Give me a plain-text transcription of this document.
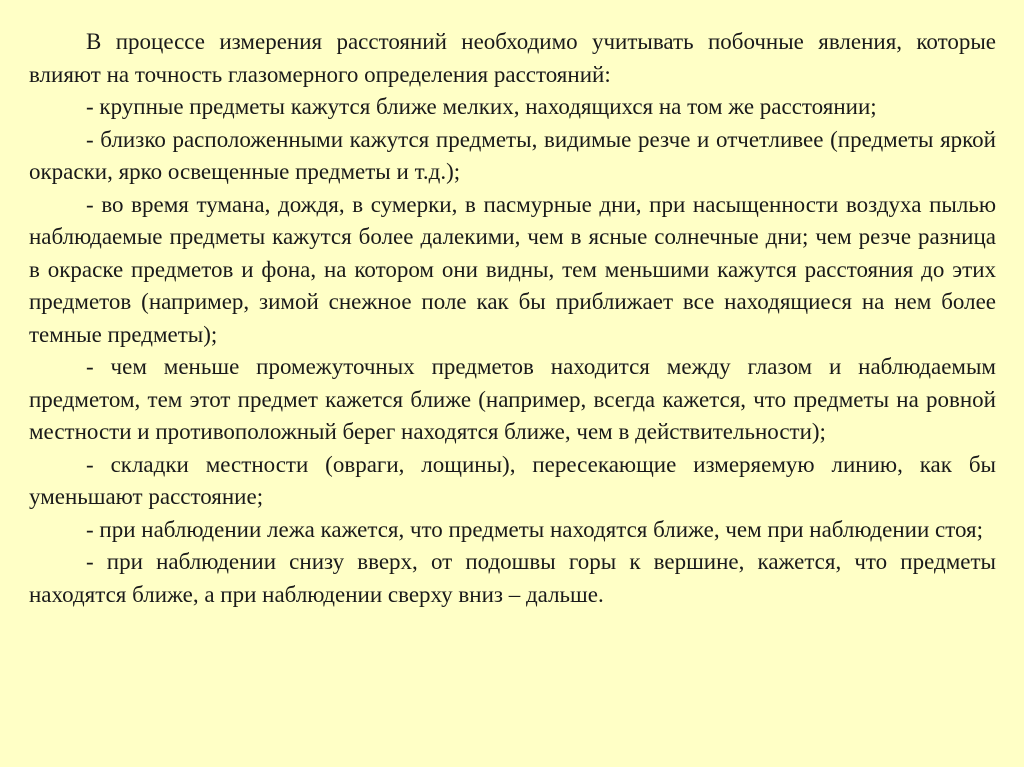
В процессе измерения расстояний необходимо учитывать побочные явления, которые влияют на точность глазомерного определения расстояний:

- крупные предметы кажутся ближе мелких, находящихся на том же расстоянии;

- близко расположенными кажутся предметы, видимые резче и отчетливее (предметы яркой окраски, ярко освещенные предметы и т.д.);

- во время тумана, дождя, в сумерки, в пасмурные дни, при насыщенности воздуха пылью наблюдаемые предметы кажутся более далекими, чем в ясные солнечные дни; чем резче разница в окраске предметов и фона, на котором они видны, тем меньшими кажутся расстояния до этих предметов (например, зимой снежное поле как бы приближает все находящиеся на нем более темные предметы);

- чем меньше промежуточных предметов находится между глазом и наблюдаемым предметом, тем этот предмет кажется ближе (например, всегда кажется, что предметы на ровной местности и противоположный берег находятся ближе, чем в действительности);

- складки местности (овраги, лощины), пересекающие измеряемую линию, как бы уменьшают расстояние;

- при наблюдении лежа кажется, что предметы находятся ближе, чем при наблюдении стоя;

- при наблюдении снизу вверх, от подошвы горы к вершине, кажется, что предметы находятся ближе, а при наблюдении сверху вниз – дальше.
